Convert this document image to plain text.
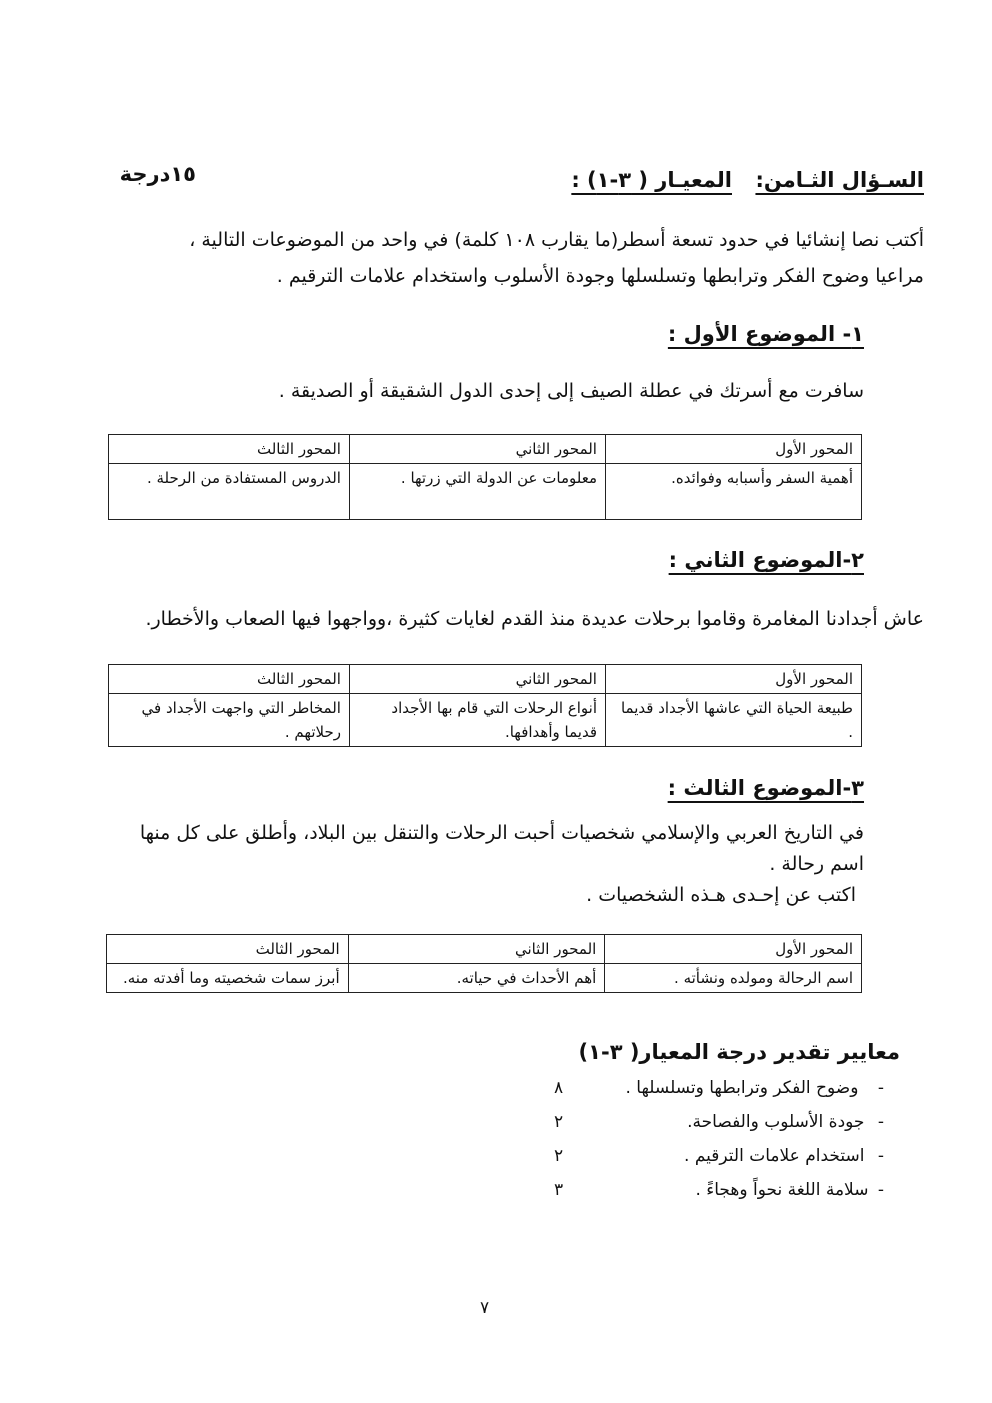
السـؤال الثـامن:
المعيـار ( ٣-١) :
١٥درجة
أكتب نصا إنشائيا في حدود تسعة أسطر(ما يقارب ١٠٨ كلمة) في واحد من الموضوعات التالية ،
مراعيا وضوح الفكر وترابطها وتسلسلها وجودة الأسلوب واستخدام علامات الترقيم .
١- الموضوع الأول :
سافرت مع أسرتك في عطلة الصيف إلى إحدى الدول الشقيقة أو الصديقة .
المحور الأول	المحور الثاني	المحور الثالث
أهمية السفر وأسبابه وفوائده.	معلومات عن الدولة التي زرتها .	الدروس المستفادة من الرحلة .
٢-الموضوع الثاني :
عاش أجدادنا المغامرة وقاموا برحلات عديدة منذ القدم لغايات كثيرة ،وواجهوا فيها الصعاب والأخطار.
المحور الأول	المحور الثاني	المحور الثالث
طبيعة الحياة التي عاشها الأجداد قديما .	أنواع الرحلات التي قام بها الأجداد قديما وأهدافها.	المخاطر التي واجهت الأجداد في رحلاتهم .
٣-الموضوع الثالث :
في التاريخ العربي والإسلامي شخصيات أحبت الرحلات والتنقل بين البلاد، وأطلق على كل منها
اسم رحالة .
اكتب عن إحـدى هـذه الشخصيات .
المحور الأول	المحور الثاني	المحور الثالث
اسم الرحالة ومولده ونشأته .	أهم الأحداث في حياته.	أبرز سمات شخصيته وما أفدته منه.
معايير تقدير درجة المعيار( ٣-١)
- وضوح الفكر وترابطها وتسلسلها .
٨
- جودة الأسلوب والفصاحة.
٢
- استخدام علامات الترقيم .
٢
- سلامة اللغة نحواً وهجاءً .
٣
٧
